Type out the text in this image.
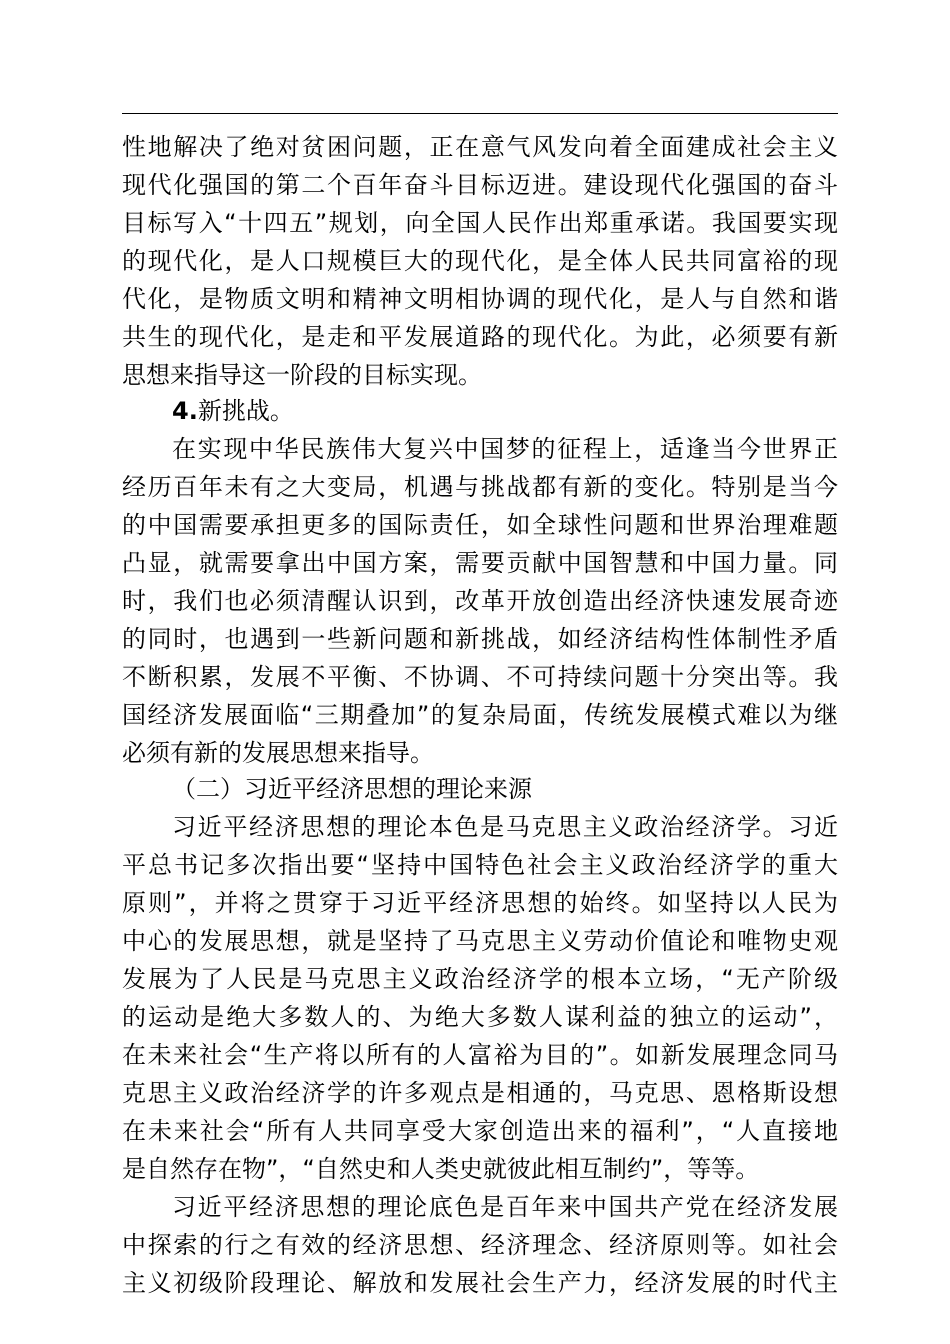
性地解决了绝对贫困问题，正在意气风发向着全面建成社会主义
现代化强国的第二个百年奋斗目标迈进。建设现代化强国的奋斗
目标写入“十四五”规划，向全国人民作出郑重承诺。我国要实现
的现代化，是人口规模巨大的现代化，是全体人民共同富裕的现
代化，是物质文明和精神文明相协调的现代化，是人与自然和谐
共生的现代化，是走和平发展道路的现代化。为此，必须要有新
思想来指导这一阶段的目标实现。
4.新挑战。
在实现中华民族伟大复兴中国梦的征程上，适逢当今世界正
经历百年未有之大变局，机遇与挑战都有新的变化。特别是当今
的中国需要承担更多的国际责任，如全球性问题和世界治理难题
凸显，就需要拿出中国方案，需要贡献中国智慧和中国力量。同
时，我们也必须清醒认识到，改革开放创造出经济快速发展奇迹
的同时，也遇到一些新问题和新挑战，如经济结构性体制性矛盾
不断积累，发展不平衡、不协调、不可持续问题十分突出等。我
国经济发展面临“三期叠加”的复杂局面，传统发展模式难以为继
必须有新的发展思想来指导。
（二）习近平经济思想的理论来源
习近平经济思想的理论本色是马克思主义政治经济学。习近
平总书记多次指出要“坚持中国特色社会主义政治经济学的重大
原则”，并将之贯穿于习近平经济思想的始终。如坚持以人民为
中心的发展思想，就是坚持了马克思主义劳动价值论和唯物史观
发展为了人民是马克思主义政治经济学的根本立场，“无产阶级
的运动是绝大多数人的、为绝大多数人谋利益的独立的运动”，
在未来社会“生产将以所有的人富裕为目的”。如新发展理念同马
克思主义政治经济学的许多观点是相通的，马克思、恩格斯设想
在未来社会“所有人共同享受大家创造出来的福利”，“人直接地
是自然存在物”，“自然史和人类史就彼此相互制约”，等等。
习近平经济思想的理论底色是百年来中国共产党在经济发展
中探索的行之有效的经济思想、经济理念、经济原则等。如社会
主义初级阶段理论、解放和发展社会生产力，经济发展的时代主
